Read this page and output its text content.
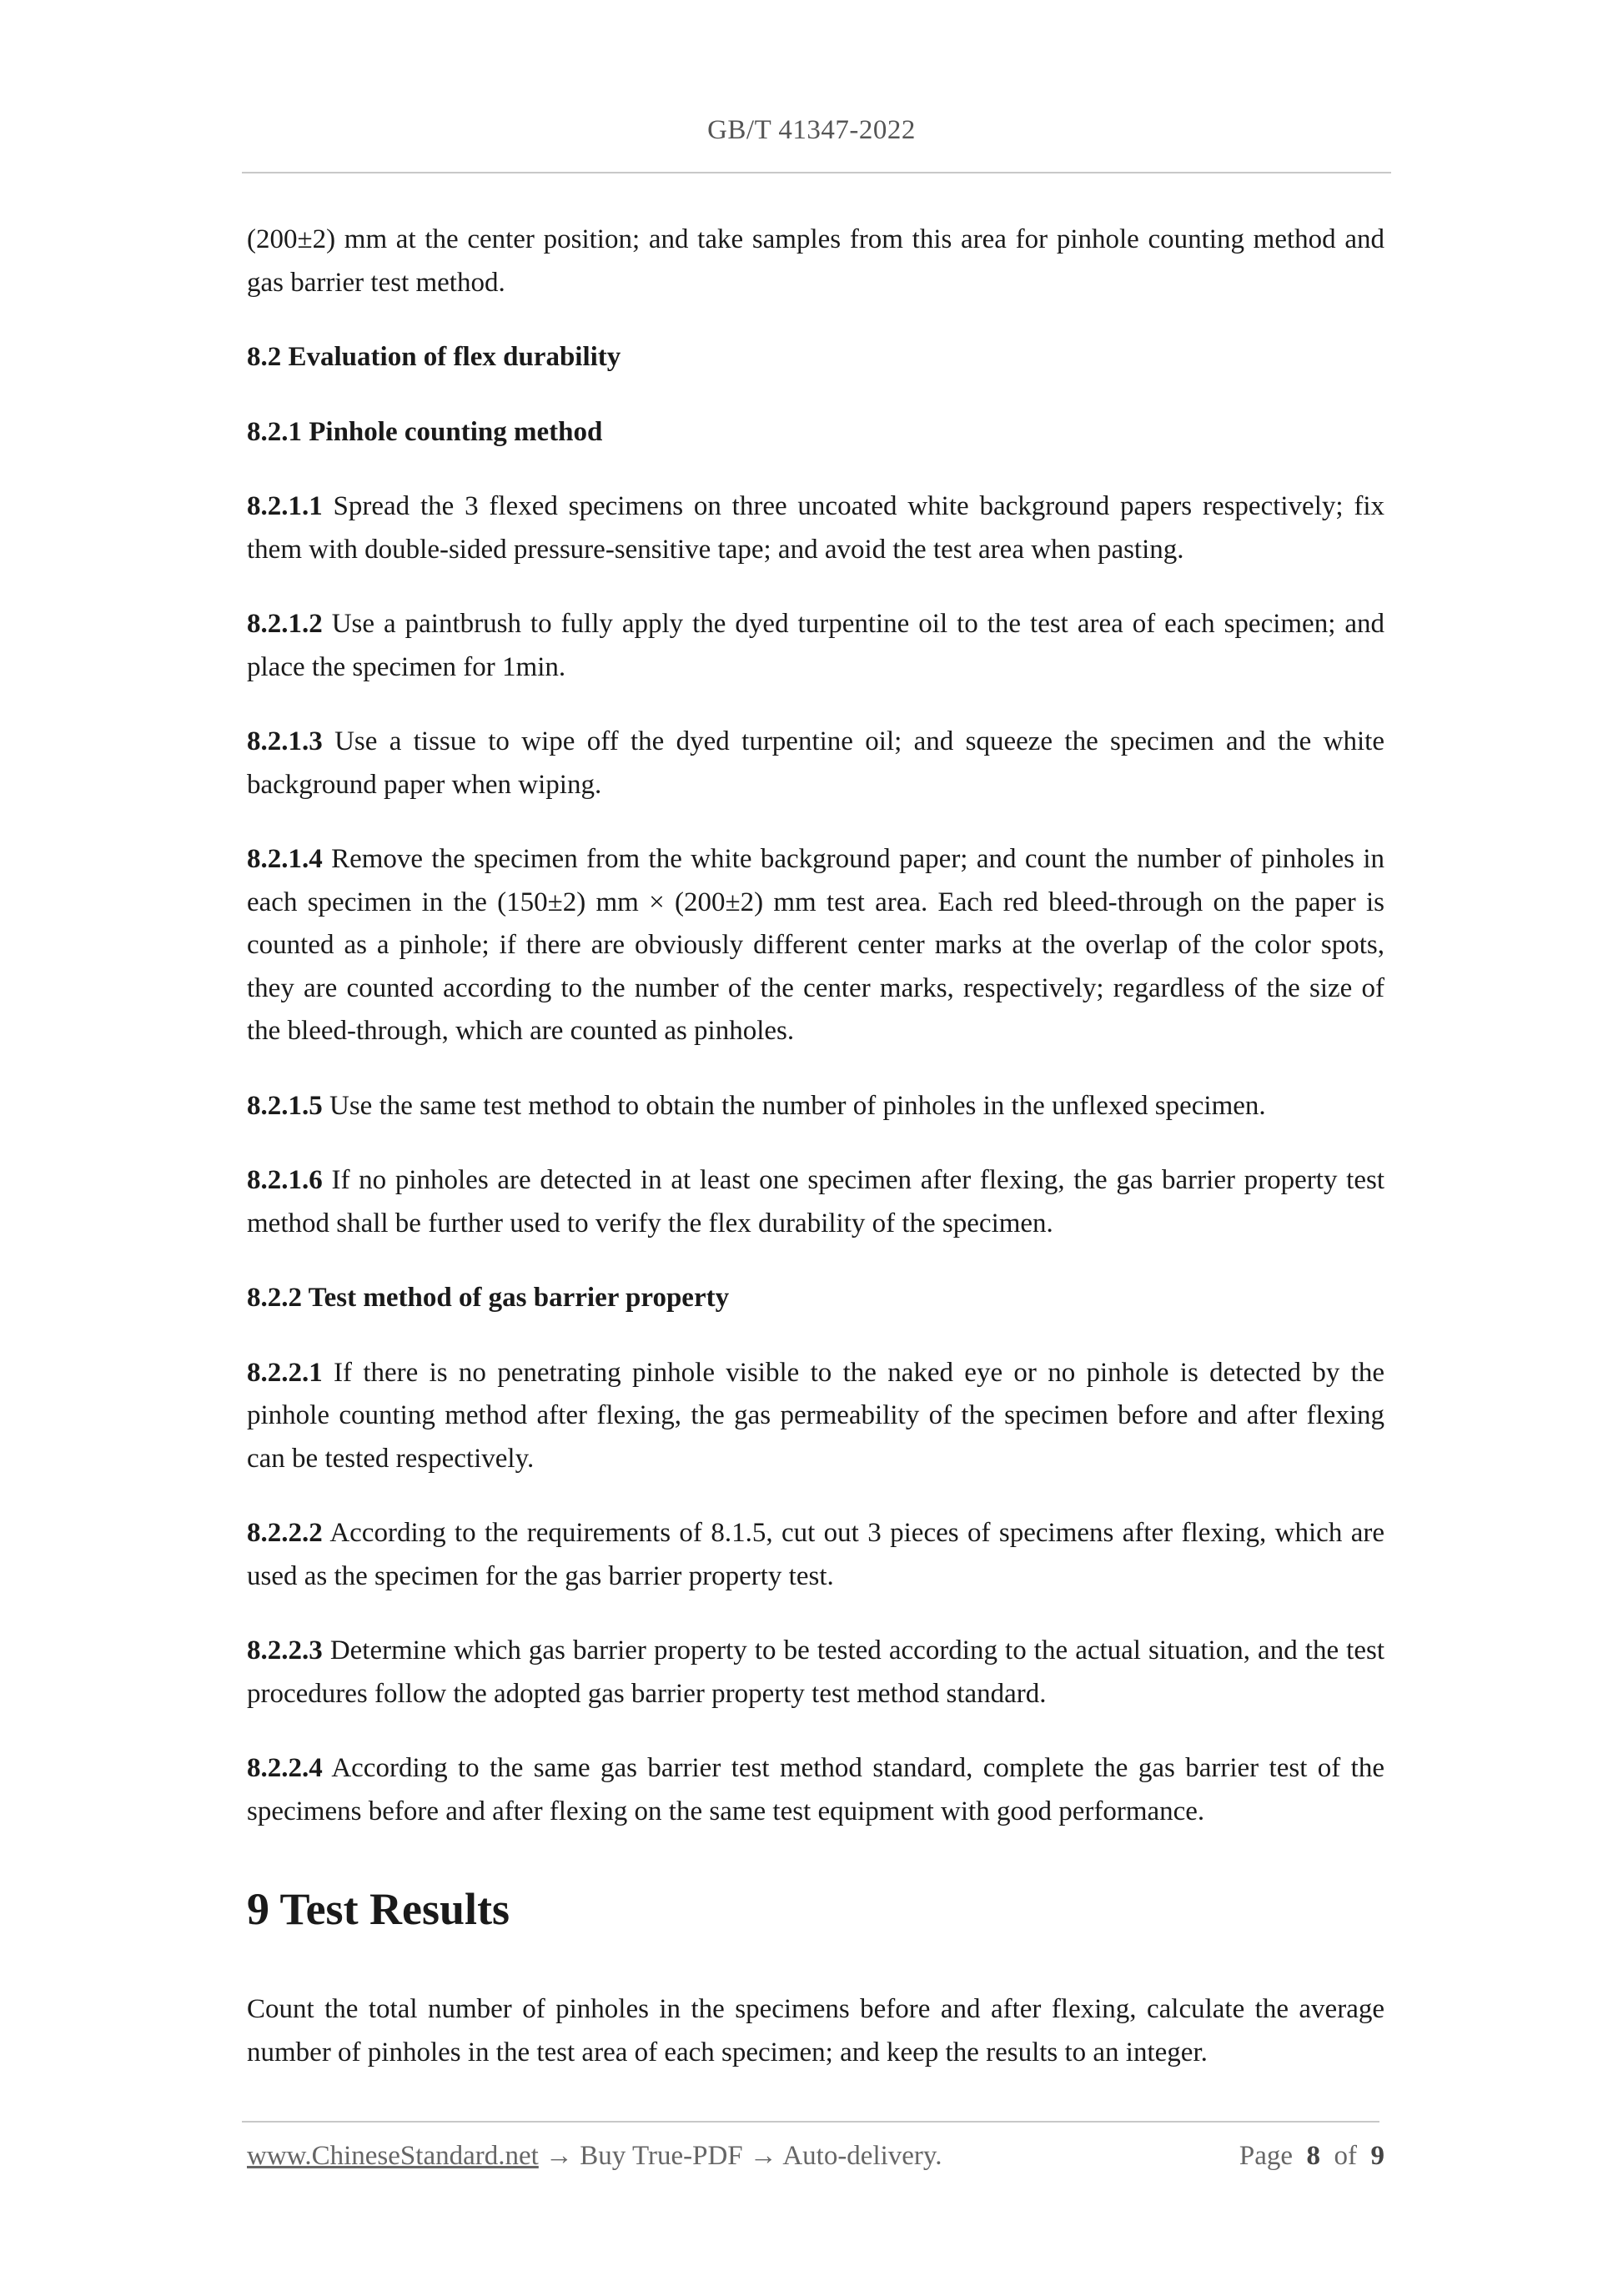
GB/T 41347-2022

(200±2) mm at the center position; and take samples from this area for pinhole counting method and gas barrier test method.

8.2 Evaluation of flex durability

8.2.1 Pinhole counting method

8.2.1.1 Spread the 3 flexed specimens on three uncoated white background papers respectively; fix them with double-sided pressure-sensitive tape; and avoid the test area when pasting.

8.2.1.2 Use a paintbrush to fully apply the dyed turpentine oil to the test area of each specimen; and place the specimen for 1min.

8.2.1.3 Use a tissue to wipe off the dyed turpentine oil; and squeeze the specimen and the white background paper when wiping.

8.2.1.4 Remove the specimen from the white background paper; and count the number of pinholes in each specimen in the (150±2) mm × (200±2) mm test area. Each red bleed-through on the paper is counted as a pinhole; if there are obviously different center marks at the overlap of the color spots, they are counted according to the number of the center marks, respectively; regardless of the size of the bleed-through, which are counted as pinholes.

8.2.1.5 Use the same test method to obtain the number of pinholes in the unflexed specimen.

8.2.1.6 If no pinholes are detected in at least one specimen after flexing, the gas barrier property test method shall be further used to verify the flex durability of the specimen.

8.2.2 Test method of gas barrier property

8.2.2.1 If there is no penetrating pinhole visible to the naked eye or no pinhole is detected by the pinhole counting method after flexing, the gas permeability of the specimen before and after flexing can be tested respectively.

8.2.2.2 According to the requirements of 8.1.5, cut out 3 pieces of specimens after flexing, which are used as the specimen for the gas barrier property test.

8.2.2.3 Determine which gas barrier property to be tested according to the actual situation, and the test procedures follow the adopted gas barrier property test method standard.

8.2.2.4 According to the same gas barrier test method standard, complete the gas barrier test of the specimens before and after flexing on the same test equipment with good performance.

9 Test Results

Count the total number of pinholes in the specimens before and after flexing, calculate the average number of pinholes in the test area of each specimen; and keep the results to an integer.

www.ChineseStandard.net → Buy True-PDF → Auto-delivery.	Page 8 of 9
